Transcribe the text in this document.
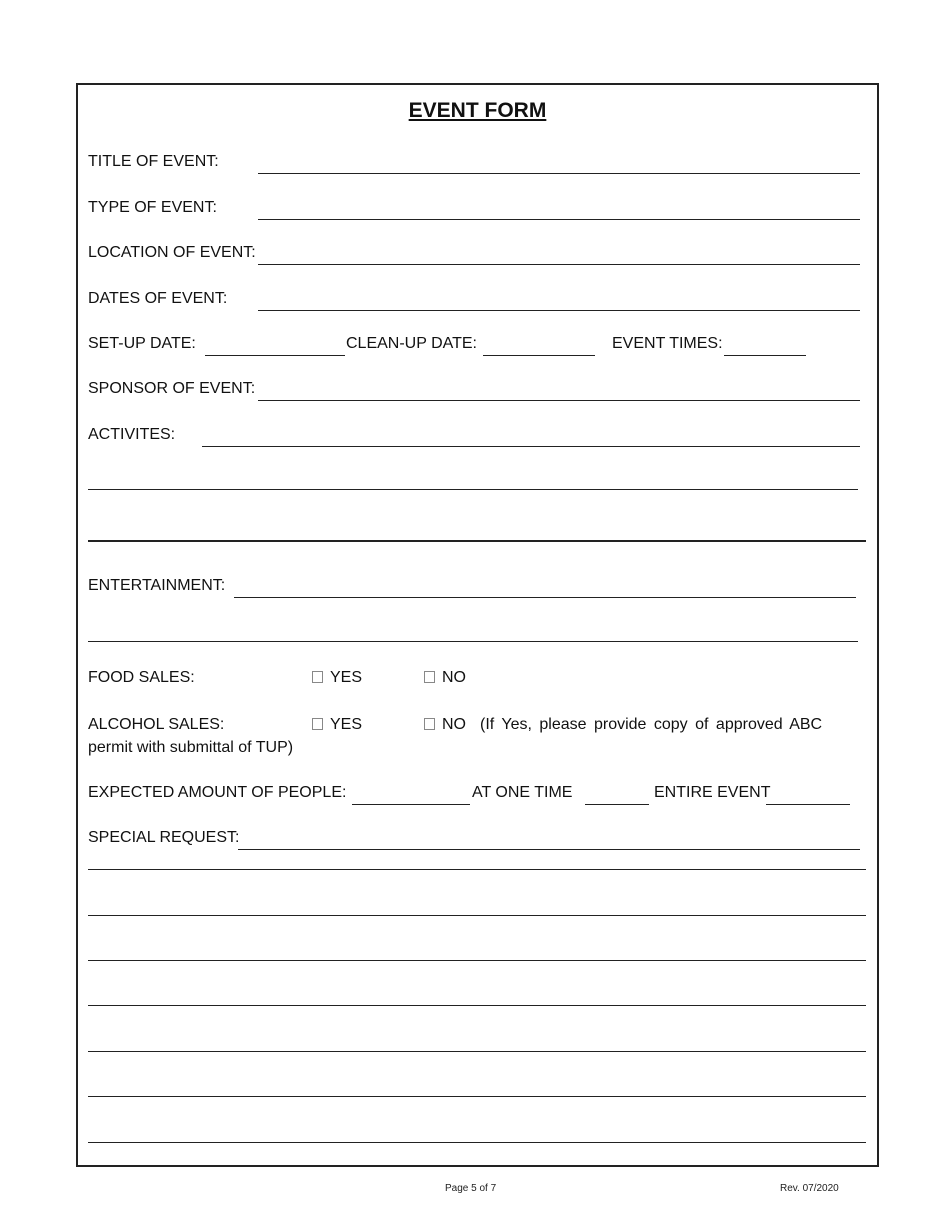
EVENT FORM
TITLE OF EVENT:
TYPE OF EVENT:
LOCATION OF EVENT:
DATES OF EVENT:
SET-UP DATE:	CLEAN-UP DATE:	EVENT TIMES:
SPONSOR OF EVENT:
ACTIVITES:
ENTERTAINMENT:
FOOD SALES:	YES	NO
ALCOHOL SALES:	YES	NO (If Yes, please provide copy of approved ABC
permit with submittal of TUP)
EXPECTED AMOUNT OF PEOPLE:	AT ONE TIME	ENTIRE EVENT
SPECIAL REQUEST:
Page 5 of 7	Rev. 07/2020
